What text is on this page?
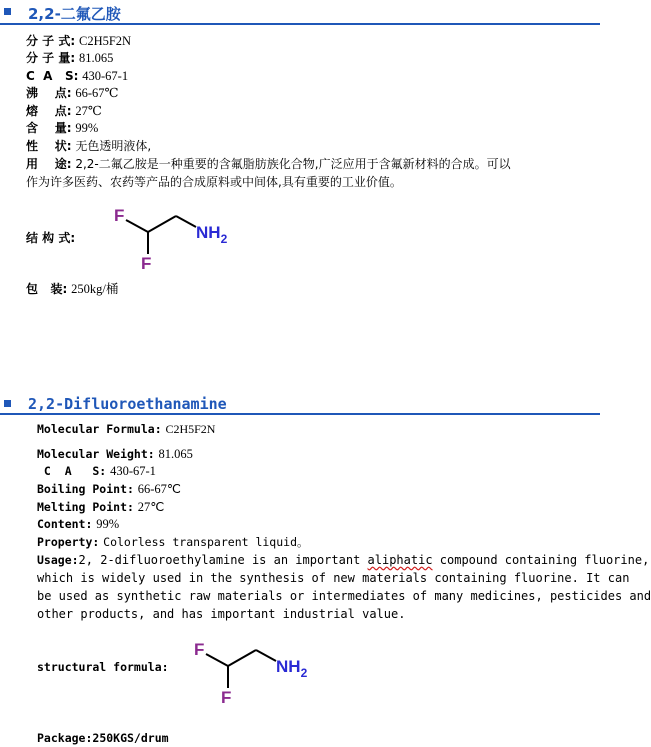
2,2-二氟乙胺
分 子 式: C2H5F2N
分 子 量: 81.065
C  A   S: 430-67-1
沸    点: 66-67℃
熔    点: 27℃
含    量: 99%
性    状: 无色透明液体,
用    途: 2,2-二氟乙胺是一种重要的含氟脂肪族化合物,广泛应用于含氟新材料的合成。可以
作为许多医药、农药等产品的合成原料或中间体,具有重要的工业价值。
结 构 式:
F
F
$NH_2$
包   装: 250kg/桶
2,2-Difluoroethanamine
Molecular Formula: C2H5F2N
Molecular Weight: 81.065
C  A   S: 430-67-1
Boiling Point: 66-67℃
Melting Point: 27℃
Content: 99%
Property: Colorless transparent liquid。
Usage:2, 2-difluoroethylamine is an important aliphatic compound containing fluorine,
which is widely used in the synthesis of new materials containing fluorine. It can
be used as synthetic raw materials or intermediates of many medicines, pesticides and
other products, and has important industrial value.
structural formula:
F
F
$NH_2$
Package:250KGS/drum
